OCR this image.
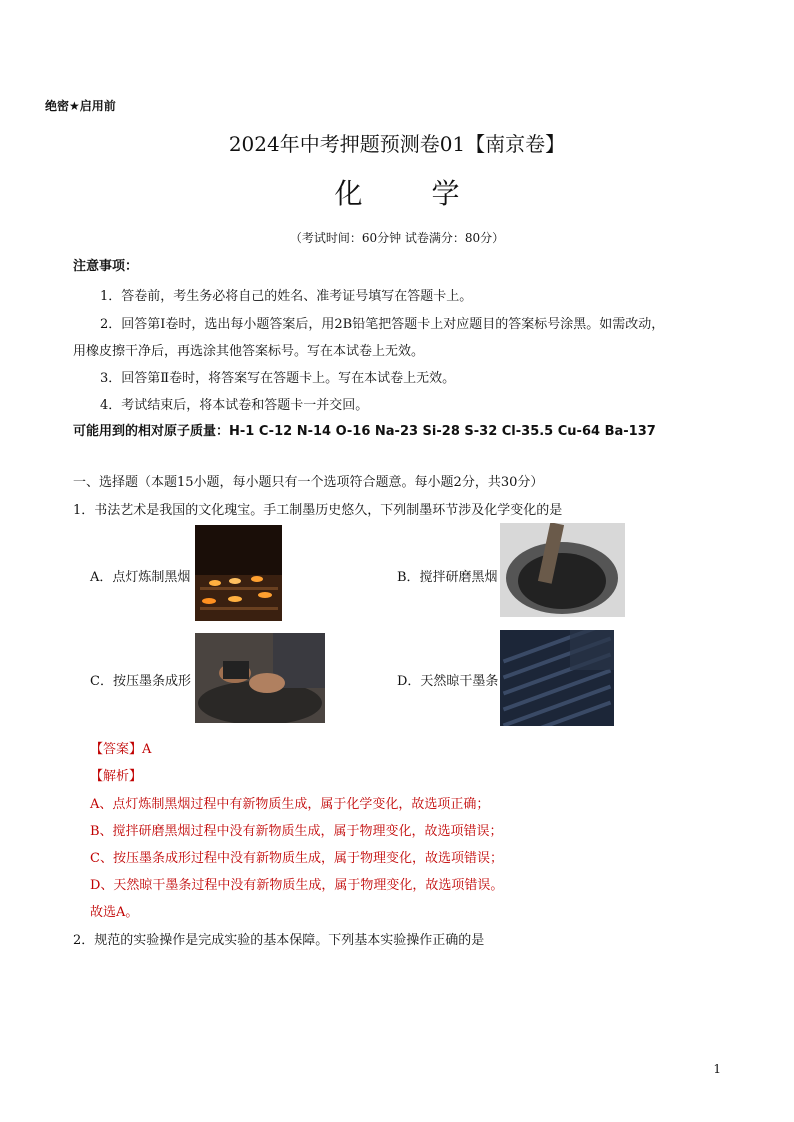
绝密★启用前
2024年中考押题预测卷01【南京卷】
化 学
（考试时间：60分钟 试卷满分：80分）
注意事项：
1．答卷前，考生务必将自己的姓名、准考证号填写在答题卡上。
2．回答第Ⅰ卷时，选出每小题答案后，用2B铅笔把答题卡上对应题目的答案标号涂黑。如需改动，
用橡皮擦干净后，再选涂其他答案标号。写在本试卷上无效。
3．回答第Ⅱ卷时，将答案写在答题卡上。写在本试卷上无效。
4．考试结束后，将本试卷和答题卡一并交回。
可能用到的相对原子质量：H-1 C-12 N-14 O-16 Na-23 Si-28 S-32 Cl-35.5 Cu-64 Ba-137
一、选择题（本题15小题，每小题只有一个选项符合题意。每小题2分，共30分）
1．书法艺术是我国的文化瑰宝。手工制墨历史悠久，下列制墨环节涉及化学变化的是
A．点灯炼制黑烟	B．搅拌研磨黑烟
C．按压墨条成形	D．天然晾干墨条
【答案】A
【解析】
A、点灯炼制黑烟过程中有新物质生成，属于化学变化，故选项正确；
B、搅拌研磨黑烟过程中没有新物质生成，属于物理变化，故选项错误；
C、按压墨条成形过程中没有新物质生成，属于物理变化，故选项错误；
D、天然晾干墨条过程中没有新物质生成，属于物理变化，故选项错误。
故选A。
2．规范的实验操作是完成实验的基本保障。下列基本实验操作正确的是
1
